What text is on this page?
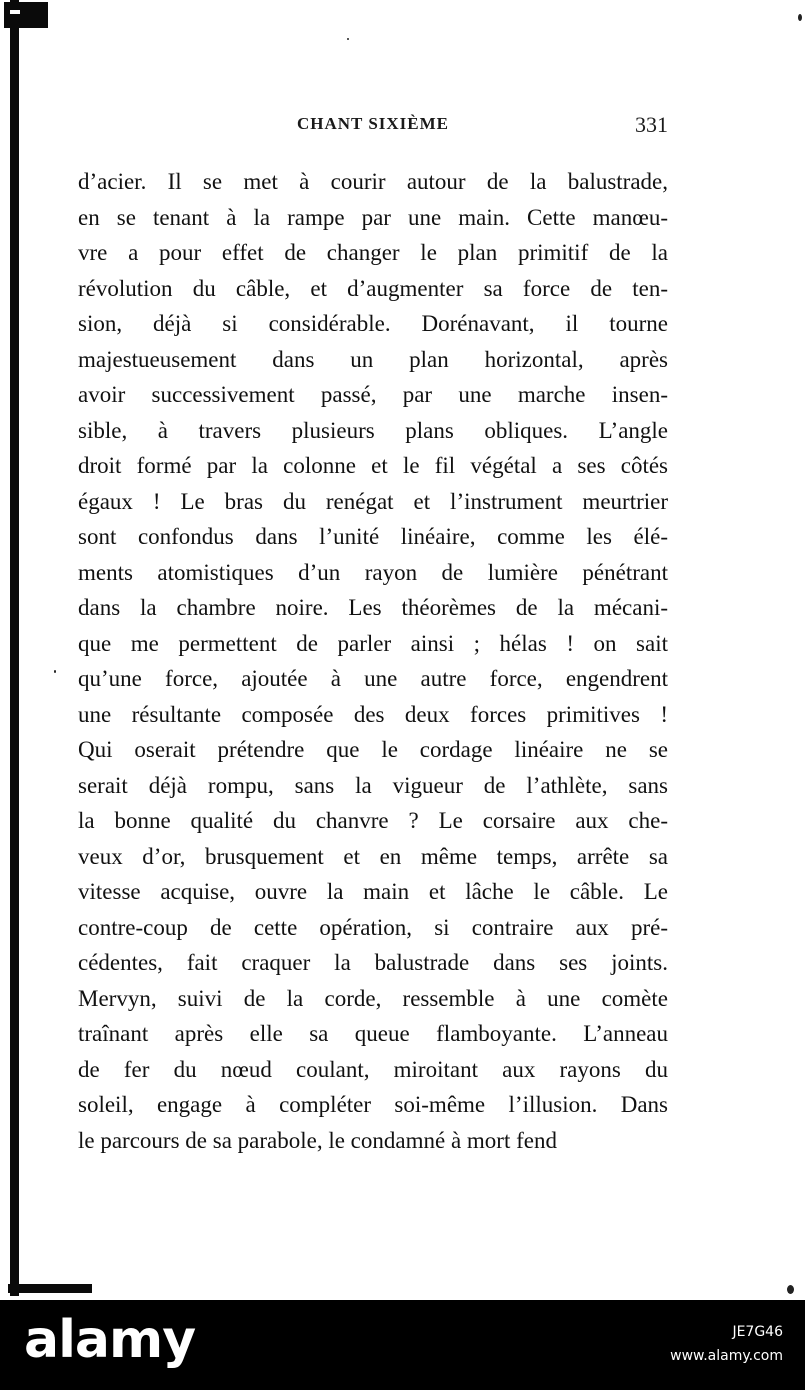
CHANT SIXIÈME	331
d’acier. Il se met à courir autour de la balustrade,
en se tenant à la rampe par une main. Cette manœu-
vre a pour effet de changer le plan primitif de la
révolution du câble, et d’augmenter sa force de ten-
sion, déjà si considérable. Dorénavant, il tourne
majestueusement dans un plan horizontal, après
avoir successivement passé, par une marche insen-
sible, à travers plusieurs plans obliques. L’angle
droit formé par la colonne et le fil végétal a ses côtés
égaux ! Le bras du renégat et l’instrument meurtrier
sont confondus dans l’unité linéaire, comme les élé-
ments atomistiques d’un rayon de lumière pénétrant
dans la chambre noire. Les théorèmes de la mécani-
que me permettent de parler ainsi ; hélas ! on sait
qu’une force, ajoutée à une autre force, engendrent
une résultante composée des deux forces primitives !
Qui oserait prétendre que le cordage linéaire ne se
serait déjà rompu, sans la vigueur de l’athlète, sans
la bonne qualité du chanvre ? Le corsaire aux che-
veux d’or, brusquement et en même temps, arrête sa
vitesse acquise, ouvre la main et lâche le câble. Le
contre-coup de cette opération, si contraire aux pré-
cédentes, fait craquer la balustrade dans ses joints.
Mervyn, suivi de la corde, ressemble à une comète
traînant après elle sa queue flamboyante. L’anneau
de fer du nœud coulant, miroitant aux rayons du
soleil, engage à compléter soi-même l’illusion. Dans
le parcours de sa parabole, le condamné à mort fend
alamy	JE7G46
www.alamy.com
